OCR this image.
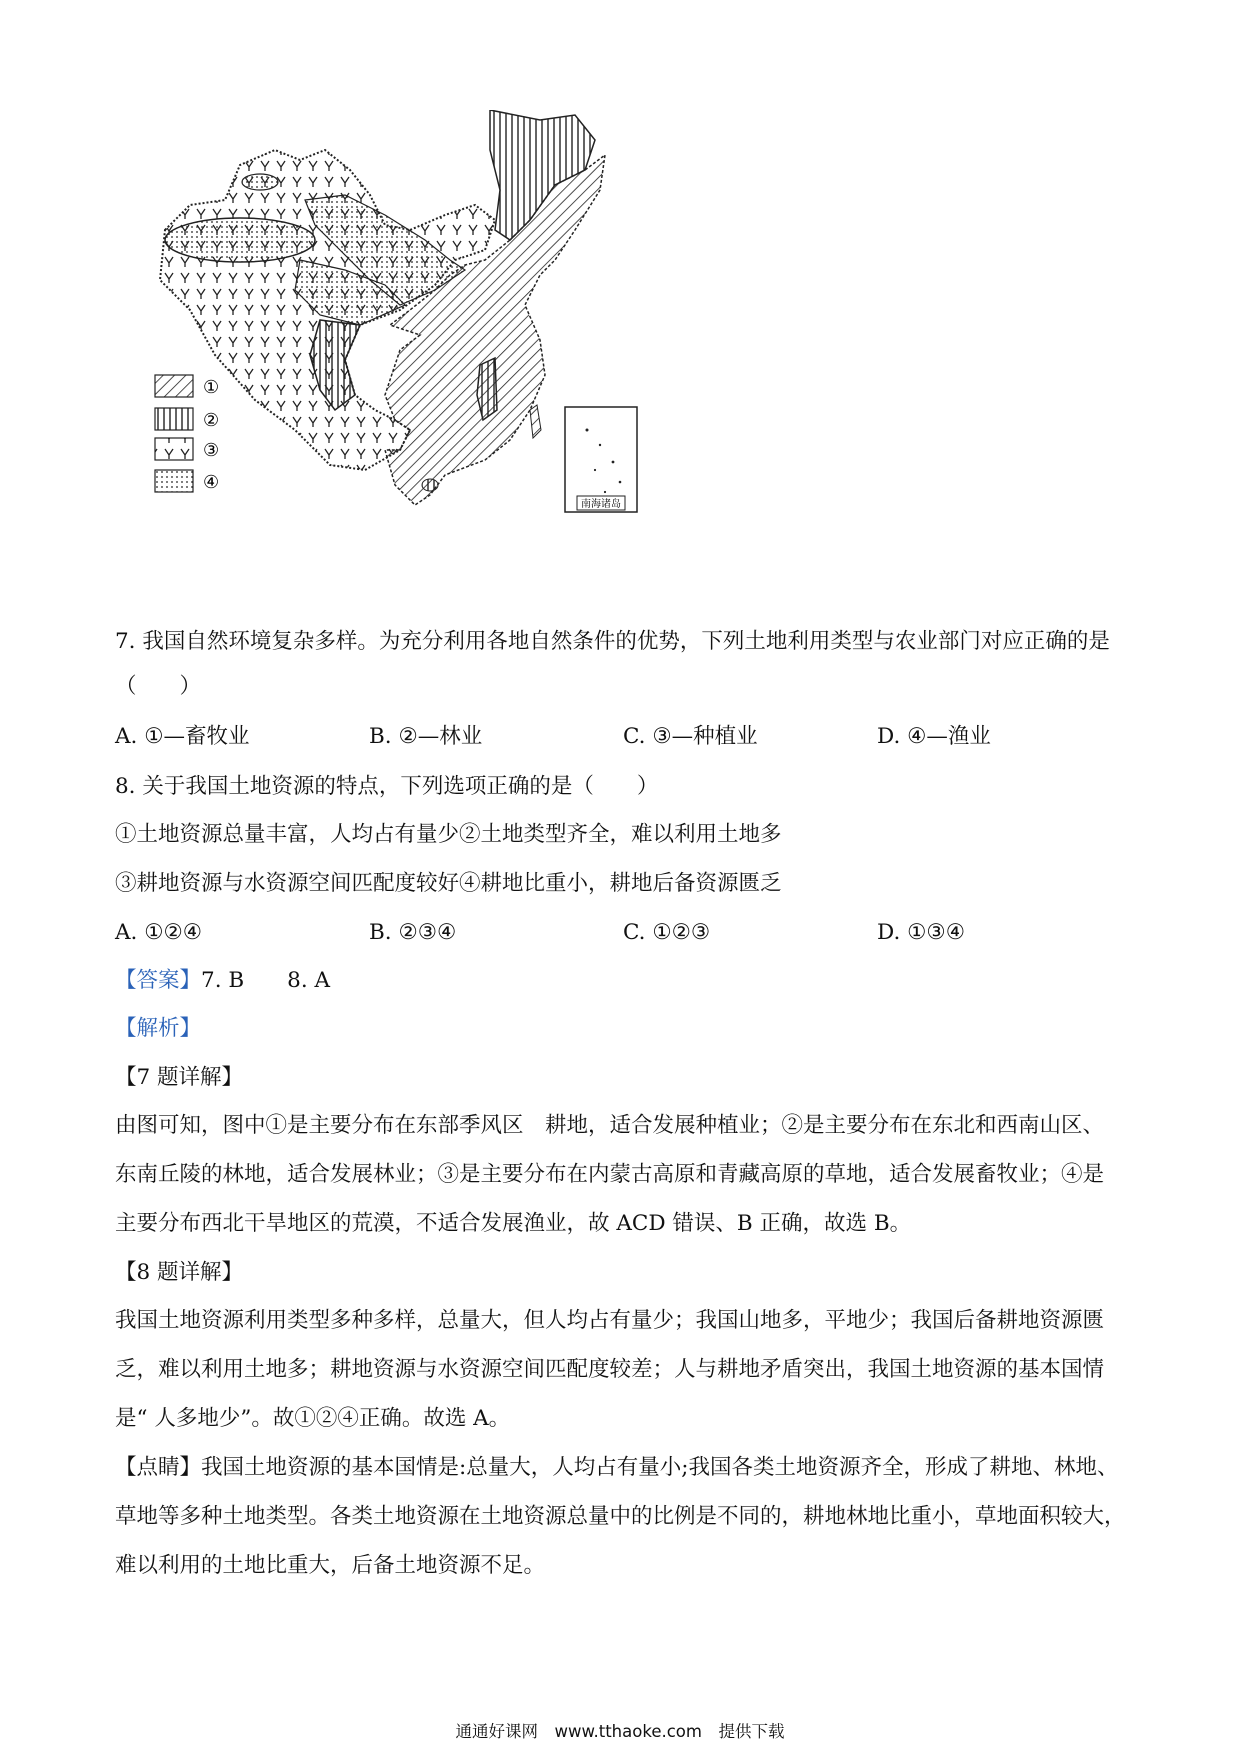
南海诸岛
①
②
③
④
7. 我国自然环境复杂多样。为充分利用各地自然条件的优势，下列土地利用类型与农业部门对应正确的是
（　　）
A. ①—畜牧业	B. ②—林业	C. ③—种植业	D. ④—渔业
8. 关于我国土地资源的特点，下列选项正确的是（　　）
①土地资源总量丰富，人均占有量少②土地类型齐全，难以利用土地多
③耕地资源与水资源空间匹配度较好④耕地比重小，耕地后备资源匮乏
A. ①②④	B. ②③④	C. ①②③	D. ①③④
【答案】7. B　　8. A
【解析】
【7 题详解】
由图可知，图中①是主要分布在东部季风区　耕地，适合发展种植业；②是主要分布在东北和西南山区、
东南丘陵的林地，适合发展林业；③是主要分布在内蒙古高原和青藏高原的草地，适合发展畜牧业；④是
主要分布西北干旱地区的荒漠，不适合发展渔业，故 ACD 错误、B 正确，故选 B。
【8 题详解】
我国土地资源利用类型多种多样，总量大，但人均占有量少；我国山地多，平地少；我国后备耕地资源匮
乏，难以利用土地多；耕地资源与水资源空间匹配度较差；人与耕地矛盾突出，我国土地资源的基本国情
是“ 人多地少”。故①②④正确。故选 A。
【点睛】我国土地资源的基本国情是:总量大，人均占有量小;我国各类土地资源齐全，形成了耕地、林地、
草地等多种土地类型。各类土地资源在土地资源总量中的比例是不同的，耕地林地比重小，草地面积较大，
难以利用的土地比重大，后备土地资源不足。
通通好课网　www.tthaoke.com　提供下载
